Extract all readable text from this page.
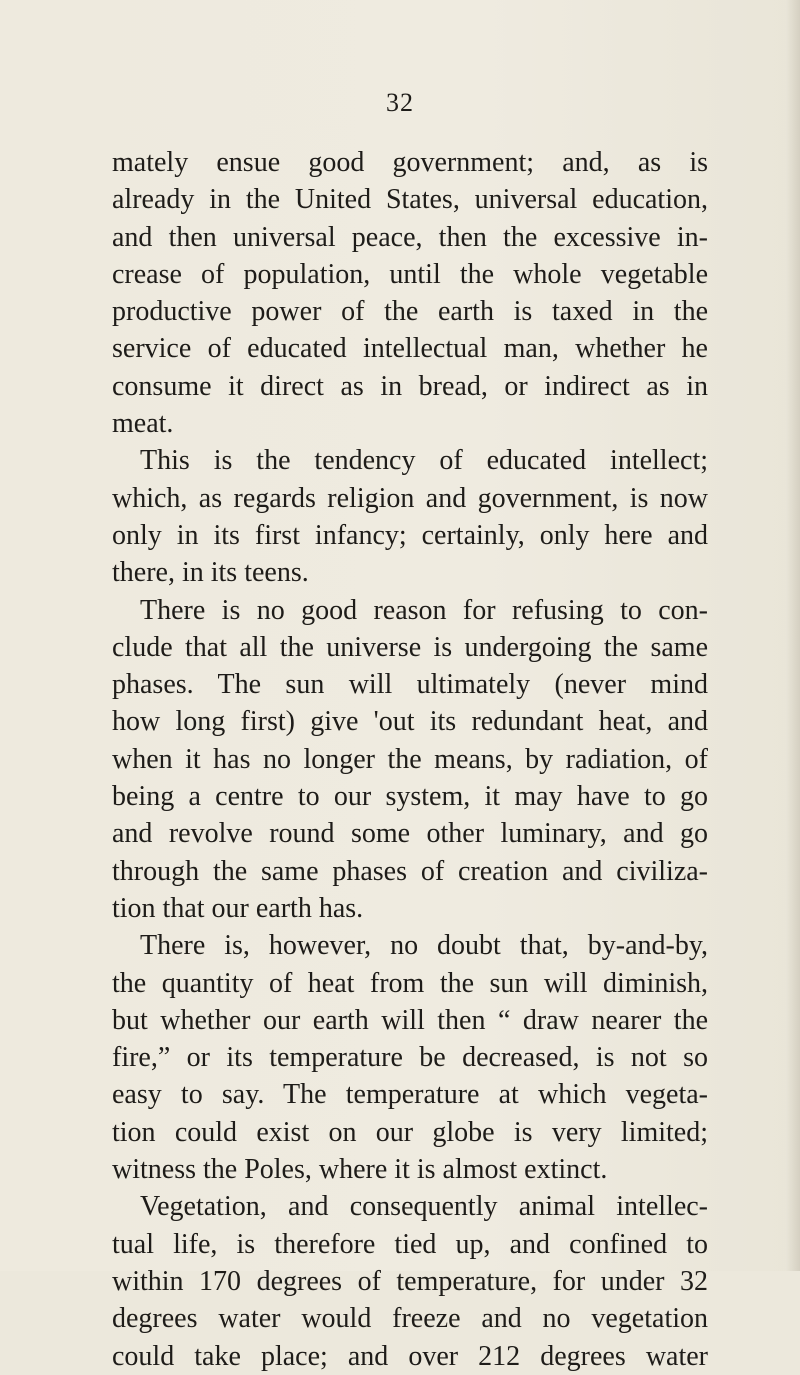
32
mately ensue good government; and, as is
already in the United States, universal education,
and then universal peace, then the excessive in-
crease of population, until the whole vegetable
productive power of the earth is taxed in the
service of educated intellectual man, whether he
consume it direct as in bread, or indirect as in
meat.
This is the tendency of educated intellect;
which, as regards religion and government, is now
only in its first infancy; certainly, only here and
there, in its teens.
There is no good reason for refusing to con-
clude that all the universe is undergoing the same
phases. The sun will ultimately (never mind
how long first) give 'out its redundant heat, and
when it has no longer the means, by radiation, of
being a centre to our system, it may have to go
and revolve round some other luminary, and go
through the same phases of creation and civiliza-
tion that our earth has.
There is, however, no doubt that, by-and-by,
the quantity of heat from the sun will diminish,
but whether our earth will then “ draw nearer the
fire,” or its temperature be decreased, is not so
easy to say. The temperature at which vegeta-
tion could exist on our globe is very limited;
witness the Poles, where it is almost extinct.
Vegetation, and consequently animal intellec-
tual life, is therefore tied up, and confined to
within 170 degrees of temperature, for under 32
degrees water would freeze and no vegetation
could take place; and over 212 degrees water
